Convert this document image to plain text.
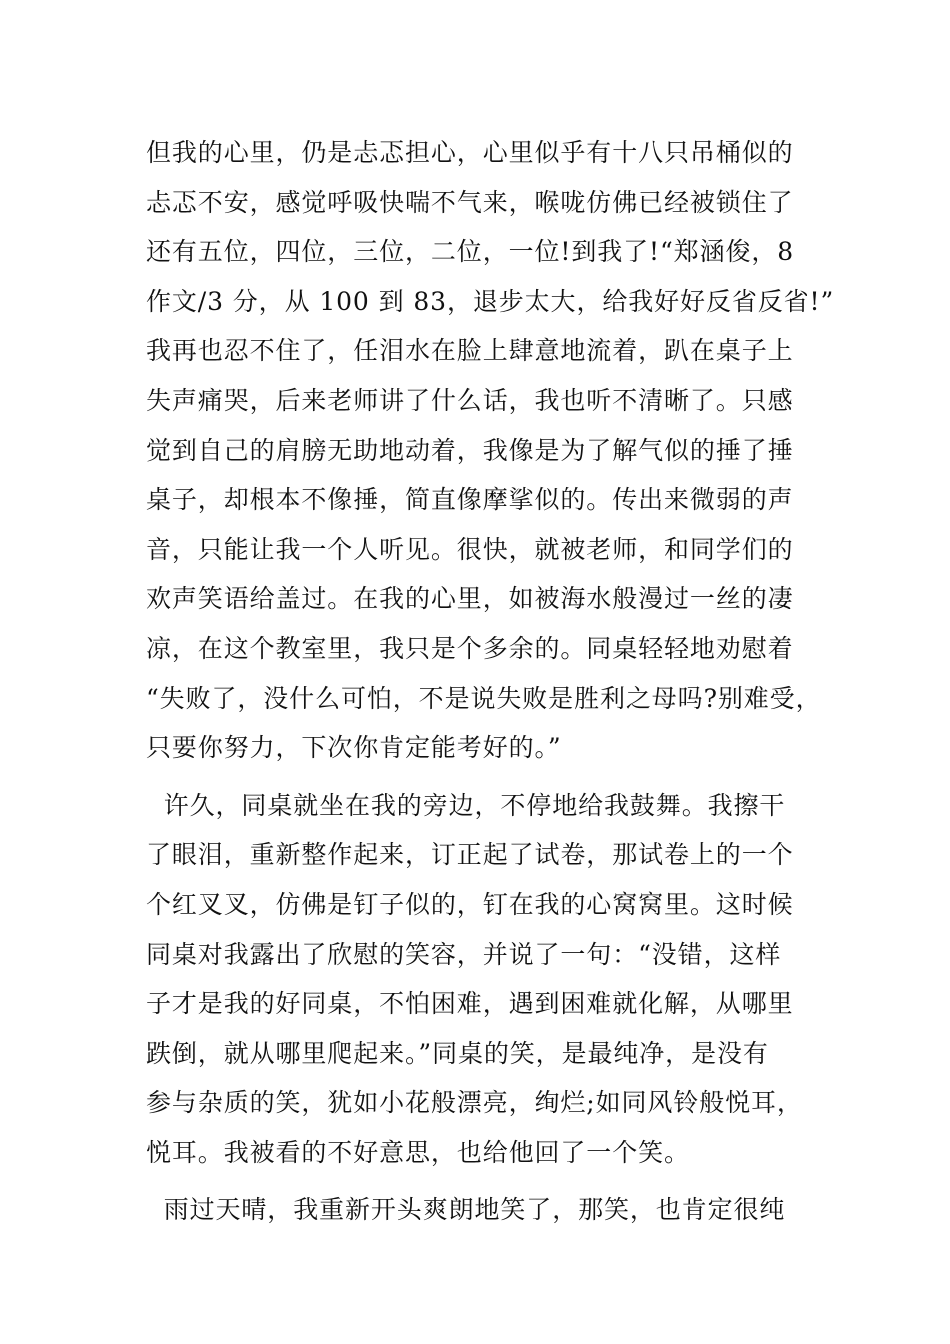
但我的心里，仍是忐忑担心，心里似乎有十八只吊桶似的
忐忑不安，感觉呼吸快喘不气来，喉咙仿佛已经被锁住了
还有五位，四位，三位，二位，一位!到我了!“郑涵俊，8
作文/3 分，从 100 到 83，退步太大，给我好好反省反省!”
我再也忍不住了，任泪水在脸上肆意地流着，趴在桌子上
失声痛哭，后来老师讲了什么话，我也听不清晰了。只感
觉到自己的肩膀无助地动着，我像是为了解气似的捶了捶
桌子，却根本不像捶，简直像摩挲似的。传出来微弱的声
音，只能让我一个人听见。很快，就被老师，和同学们的
欢声笑语给盖过。在我的心里，如被海水般漫过一丝的凄
凉，在这个教室里，我只是个多余的。同桌轻轻地劝慰着
“失败了，没什么可怕，不是说失败是胜利之母吗?别难受，
只要你努力，下次你肯定能考好的。”
许久，同桌就坐在我的旁边，不停地给我鼓舞。我擦干
了眼泪，重新整作起来，订正起了试卷，那试卷上的一个
个红叉叉，仿佛是钉子似的，钉在我的心窝窝里。这时候
同桌对我露出了欣慰的笑容，并说了一句：“没错，这样
子才是我的好同桌，不怕困难，遇到困难就化解，从哪里
跌倒，就从哪里爬起来。”同桌的笑，是最纯净，是没有
参与杂质的笑，犹如小花般漂亮，绚烂;如同风铃般悦耳，
悦耳。我被看的不好意思，也给他回了一个笑。
雨过天晴，我重新开头爽朗地笑了，那笑，也肯定很纯
